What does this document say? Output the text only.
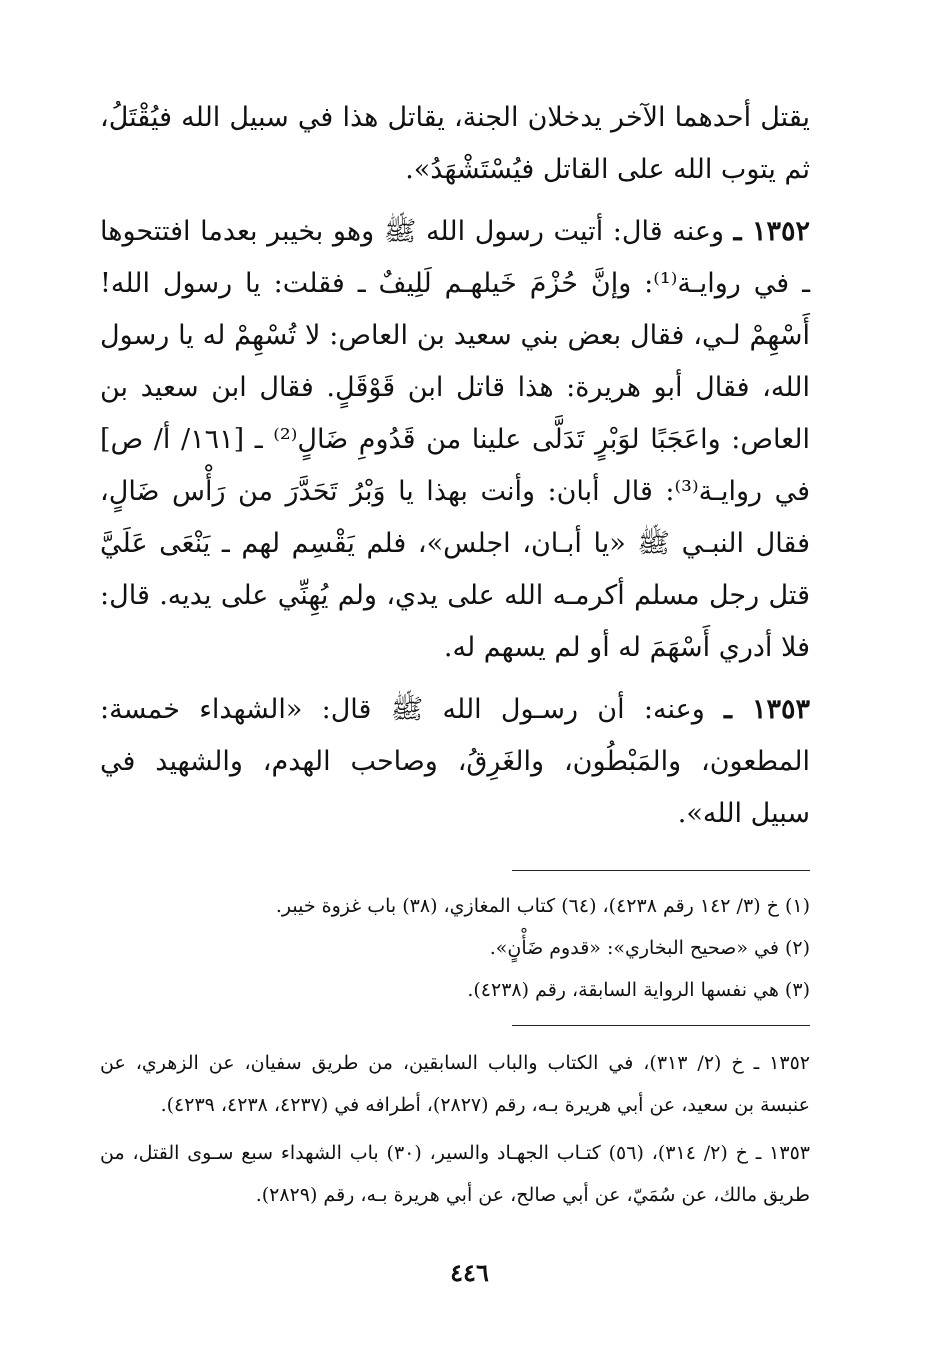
يقتل أحدهما الآخر يدخلان الجنة، يقاتل هذا في سبيل الله فيُقْتَلُ، ثم يتوب الله على القاتل فيُسْتَشْهَدُ».

١٣٥٢ ـ وعنه قال: أتيت رسول الله ﷺ وهو بخيبر بعدما افتتحوها ـ في روايـة⁽¹⁾: وإنَّ حُزْمَ خَيلهـم لَلِيفٌ ـ فقلت: يا رسول الله! أَسْهِمْ لـي، فقال بعض بني سعيد بن العاص: لا تُسْهِمْ له يا رسول الله، فقال أبو هريرة: هذا قاتل ابن قَوْقَلٍ. فقال ابن سعيد بن العاص: واعَجَبًا لوَبْرٍ تَدَلَّى علينا من قَدُومِ ضَالٍ⁽²⁾ ـ [١٦١/ أ/ ص] في روايـة⁽³⁾: قال أبان: وأنت بهذا يا وَبْرُ تَحَدَّرَ من رَأْس ضَالٍ، فقال النبـي ﷺ «يا أبـان، اجلس»، فلم يَقْسِم لهم ـ يَنْعَى عَلَيَّ قتل رجل مسلم أكرمـه الله على يدي، ولم يُهِنِّي على يديه. قال: فلا أدري أَسْهَمَ له أو لم يسهم له.

١٣٥٣ ـ وعنه: أن رسـول الله ﷺ قال: «الشهداء خمسة: المطعون، والمَبْطُون، والغَرِقُ، وصاحب الهدم، والشهيد في سبيل الله».

(١) خ (٣/ ١٤٢ رقم ٤٢٣٨)، (٦٤) كتاب المغازي، (٣٨) باب غزوة خيبر.

(٢) في «صحيح البخاري»: «قدوم ضَأْنٍ».

(٣) هي نفسها الرواية السابقة، رقم (٤٢٣٨).

١٣٥٢ ـ خ (٢/ ٣١٣)، في الكتاب والباب السابقين، من طريق سفيان، عن الزهري، عن عنبسة بن سعيد، عن أبي هريرة بـه، رقم (٢٨٢٧)، أطرافه في (٤٢٣٧، ٤٢٣٨، ٤٢٣٩).

١٣٥٣ ـ خ (٢/ ٣١٤)، (٥٦) كتـاب الجهـاد والسير، (٣٠) باب الشهداء سبع سـوى القتل، من طريق مالك، عن سُمَيّ، عن أبي صالح، عن أبي هريرة بـه، رقم (٢٨٢٩).

٤٤٦
